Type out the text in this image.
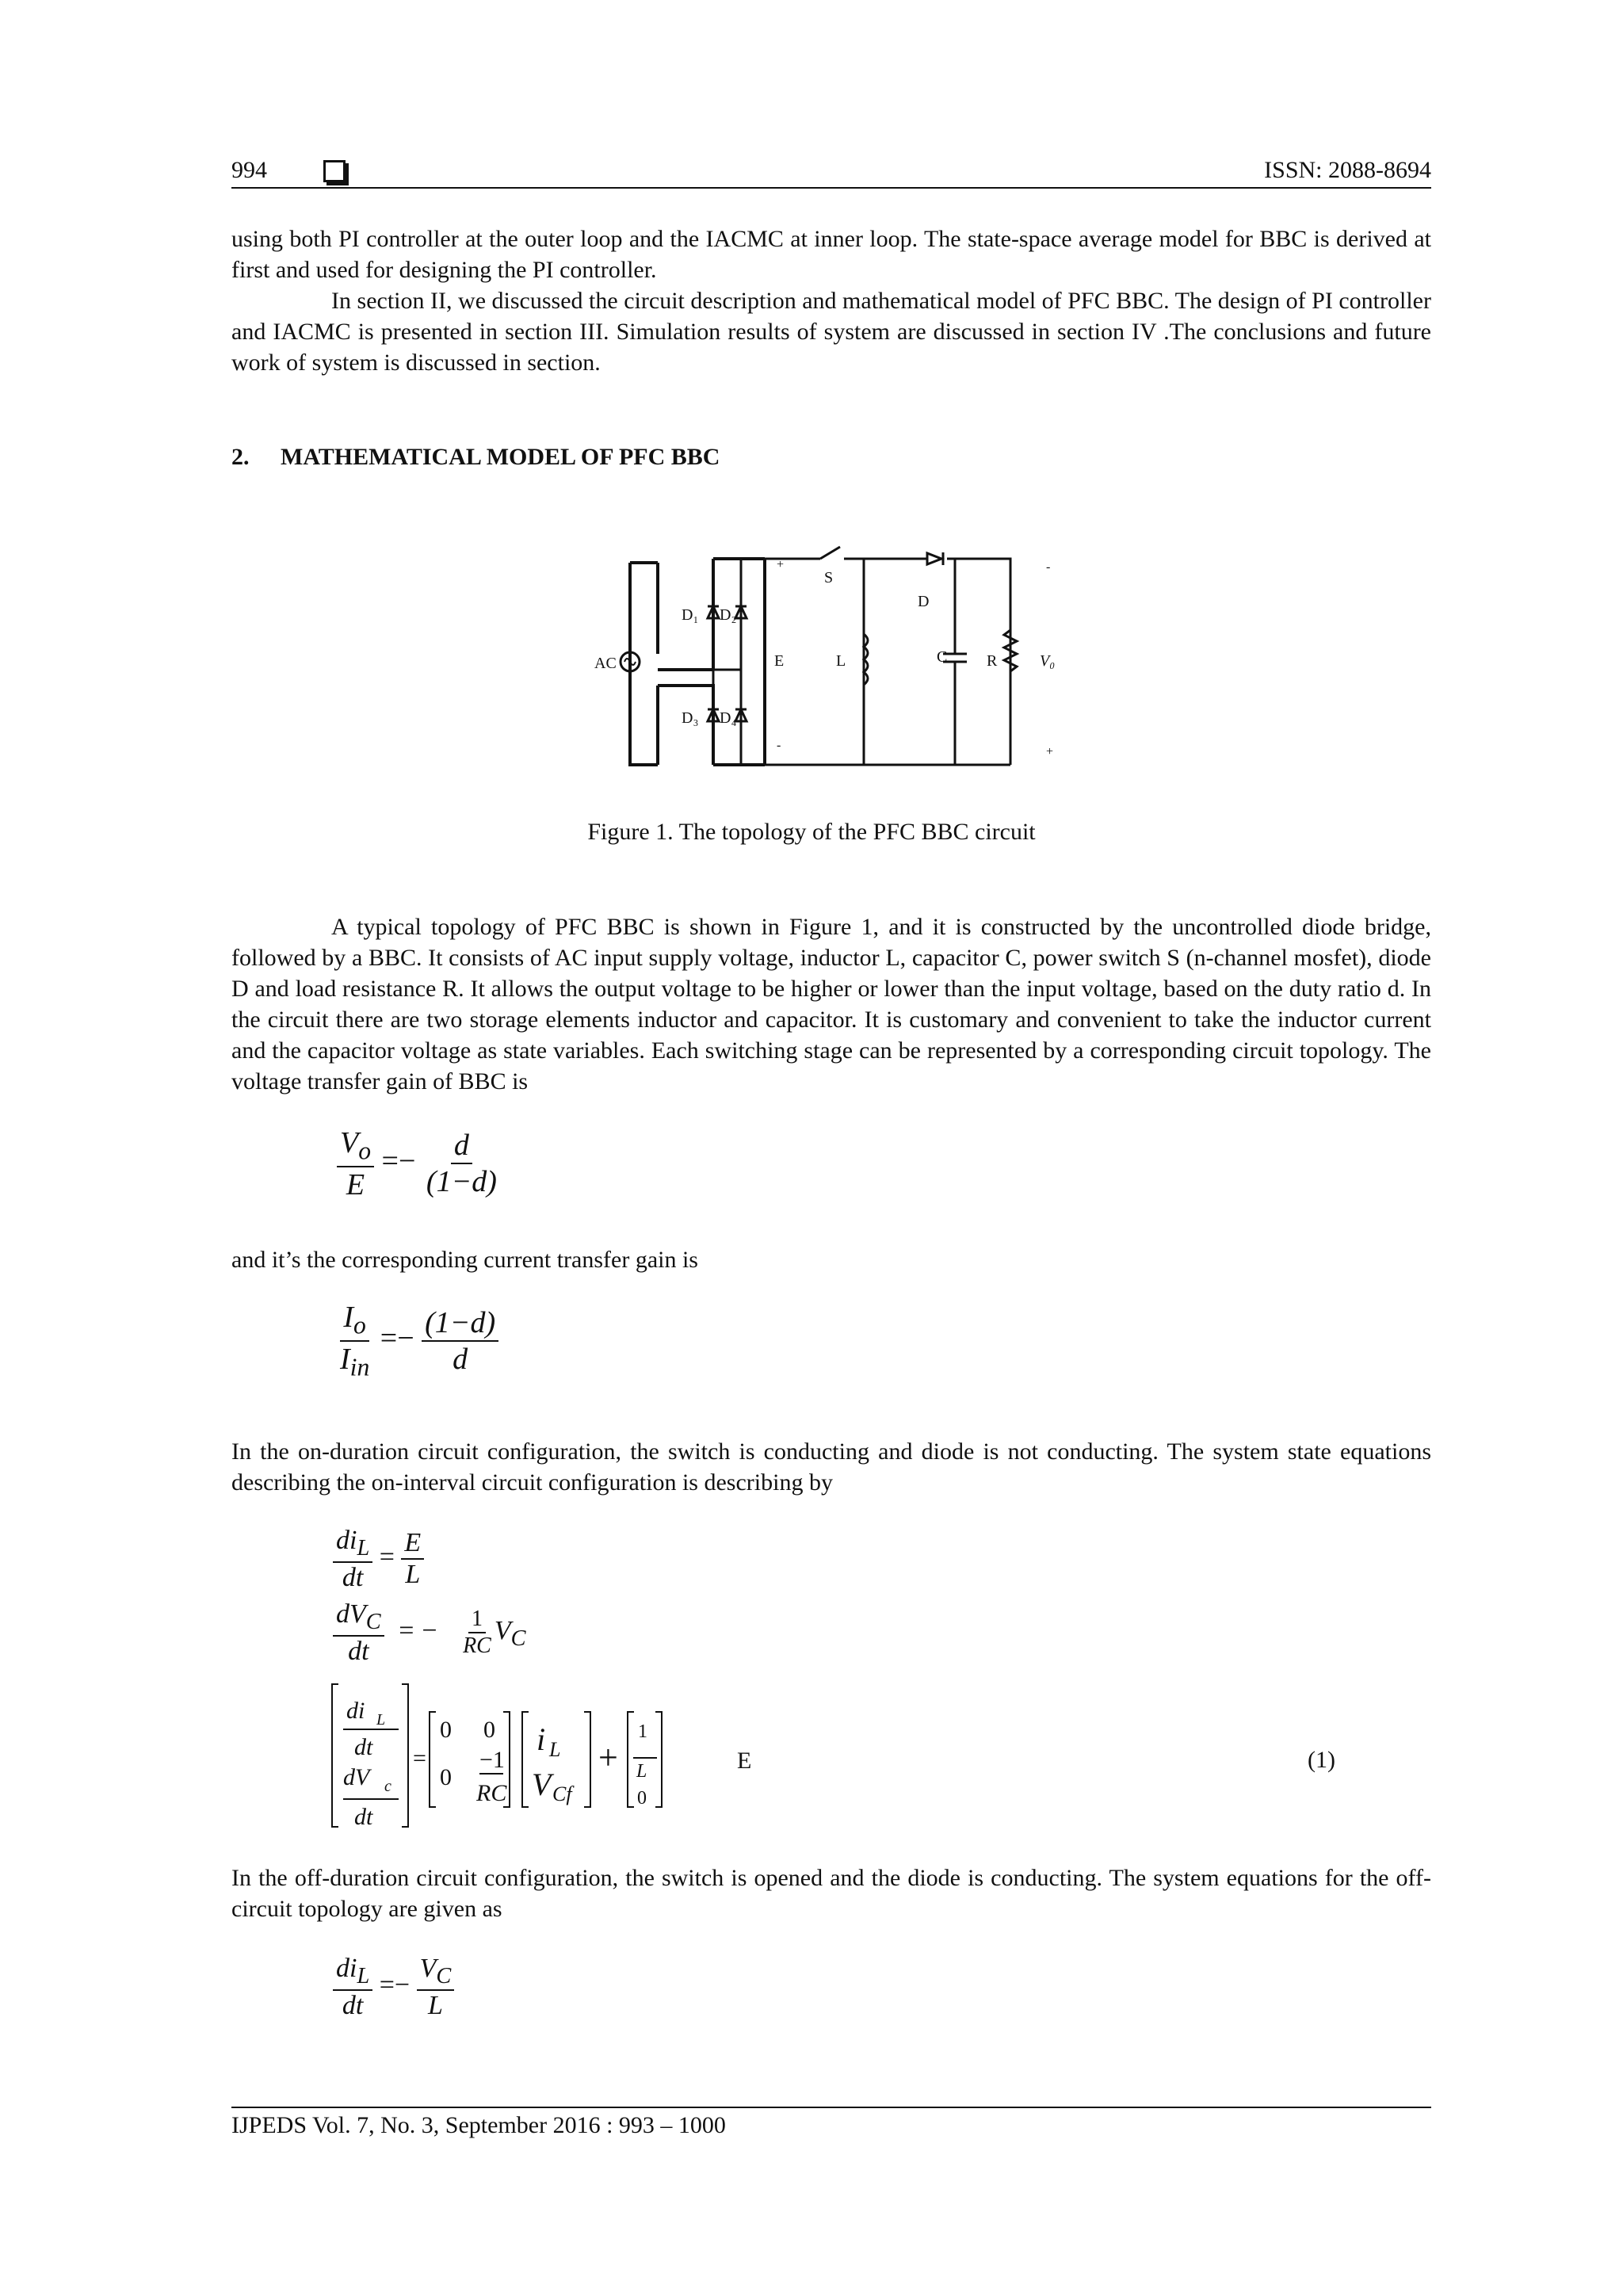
994	ISSN: 2088-8694

using both PI controller at the outer loop and the IACMC at inner loop. The state-space average model for BBC is derived at first and used for designing the PI controller.

In section II, we discussed the circuit description and mathematical model of PFC BBC. The design of PI controller and IACMC is presented in section III. Simulation results of system are discussed in section IV .The conclusions and future work of system is discussed in section.

2. MATHEMATICAL MODEL OF PFC BBC
AC
D₁ D₂
D₃ D₄
E	L
S
D
C R	V₀
+
-
-
+
Figure 1. The topology of the PFC BBC circuit

A typical topology of PFC BBC is shown in Figure 1, and it is constructed by the uncontrolled diode bridge, followed by a BBC. It consists of AC input supply voltage, inductor L, capacitor C, power switch S (n-channel mosfet), diode D and load resistance R. It allows the output voltage to be higher or lower than the input voltage, based on the duty ratio d. In the circuit there are two storage elements inductor and capacitor. It is customary and convenient to take the inductor current and the capacitor voltage as state variables. Each switching stage can be represented by a corresponding circuit topology. The voltage transfer gain of BBC is

$\frac{V_o}{E} =- \frac{d}{(1-d)}$

and it’s the corresponding current transfer gain is

$\frac{I_o}{I_{in}} =- \frac{(1-d)}{d}$

In the on-duration circuit configuration, the switch is conducting and diode is not conducting. The system state equations describing the on-interval circuit configuration is describing by

$\frac{di_L}{dt} = \frac{E}{L}$
$\frac{dV_C}{dt}$ = − $\frac{1}{RC} V_C$
di L
dt
dV c
dt
=
0 0
0
−1
RC
i L
V Cf
+
1
L
0
E	(1)

In the off-duration circuit configuration, the switch is opened and the diode is conducting. The system equations for the off-circuit topology are given as

$\frac{di_L}{dt} =- \frac{V_C}{L}$
IJPEDS Vol. 7, No. 3, September 2016 : 993 – 1000
